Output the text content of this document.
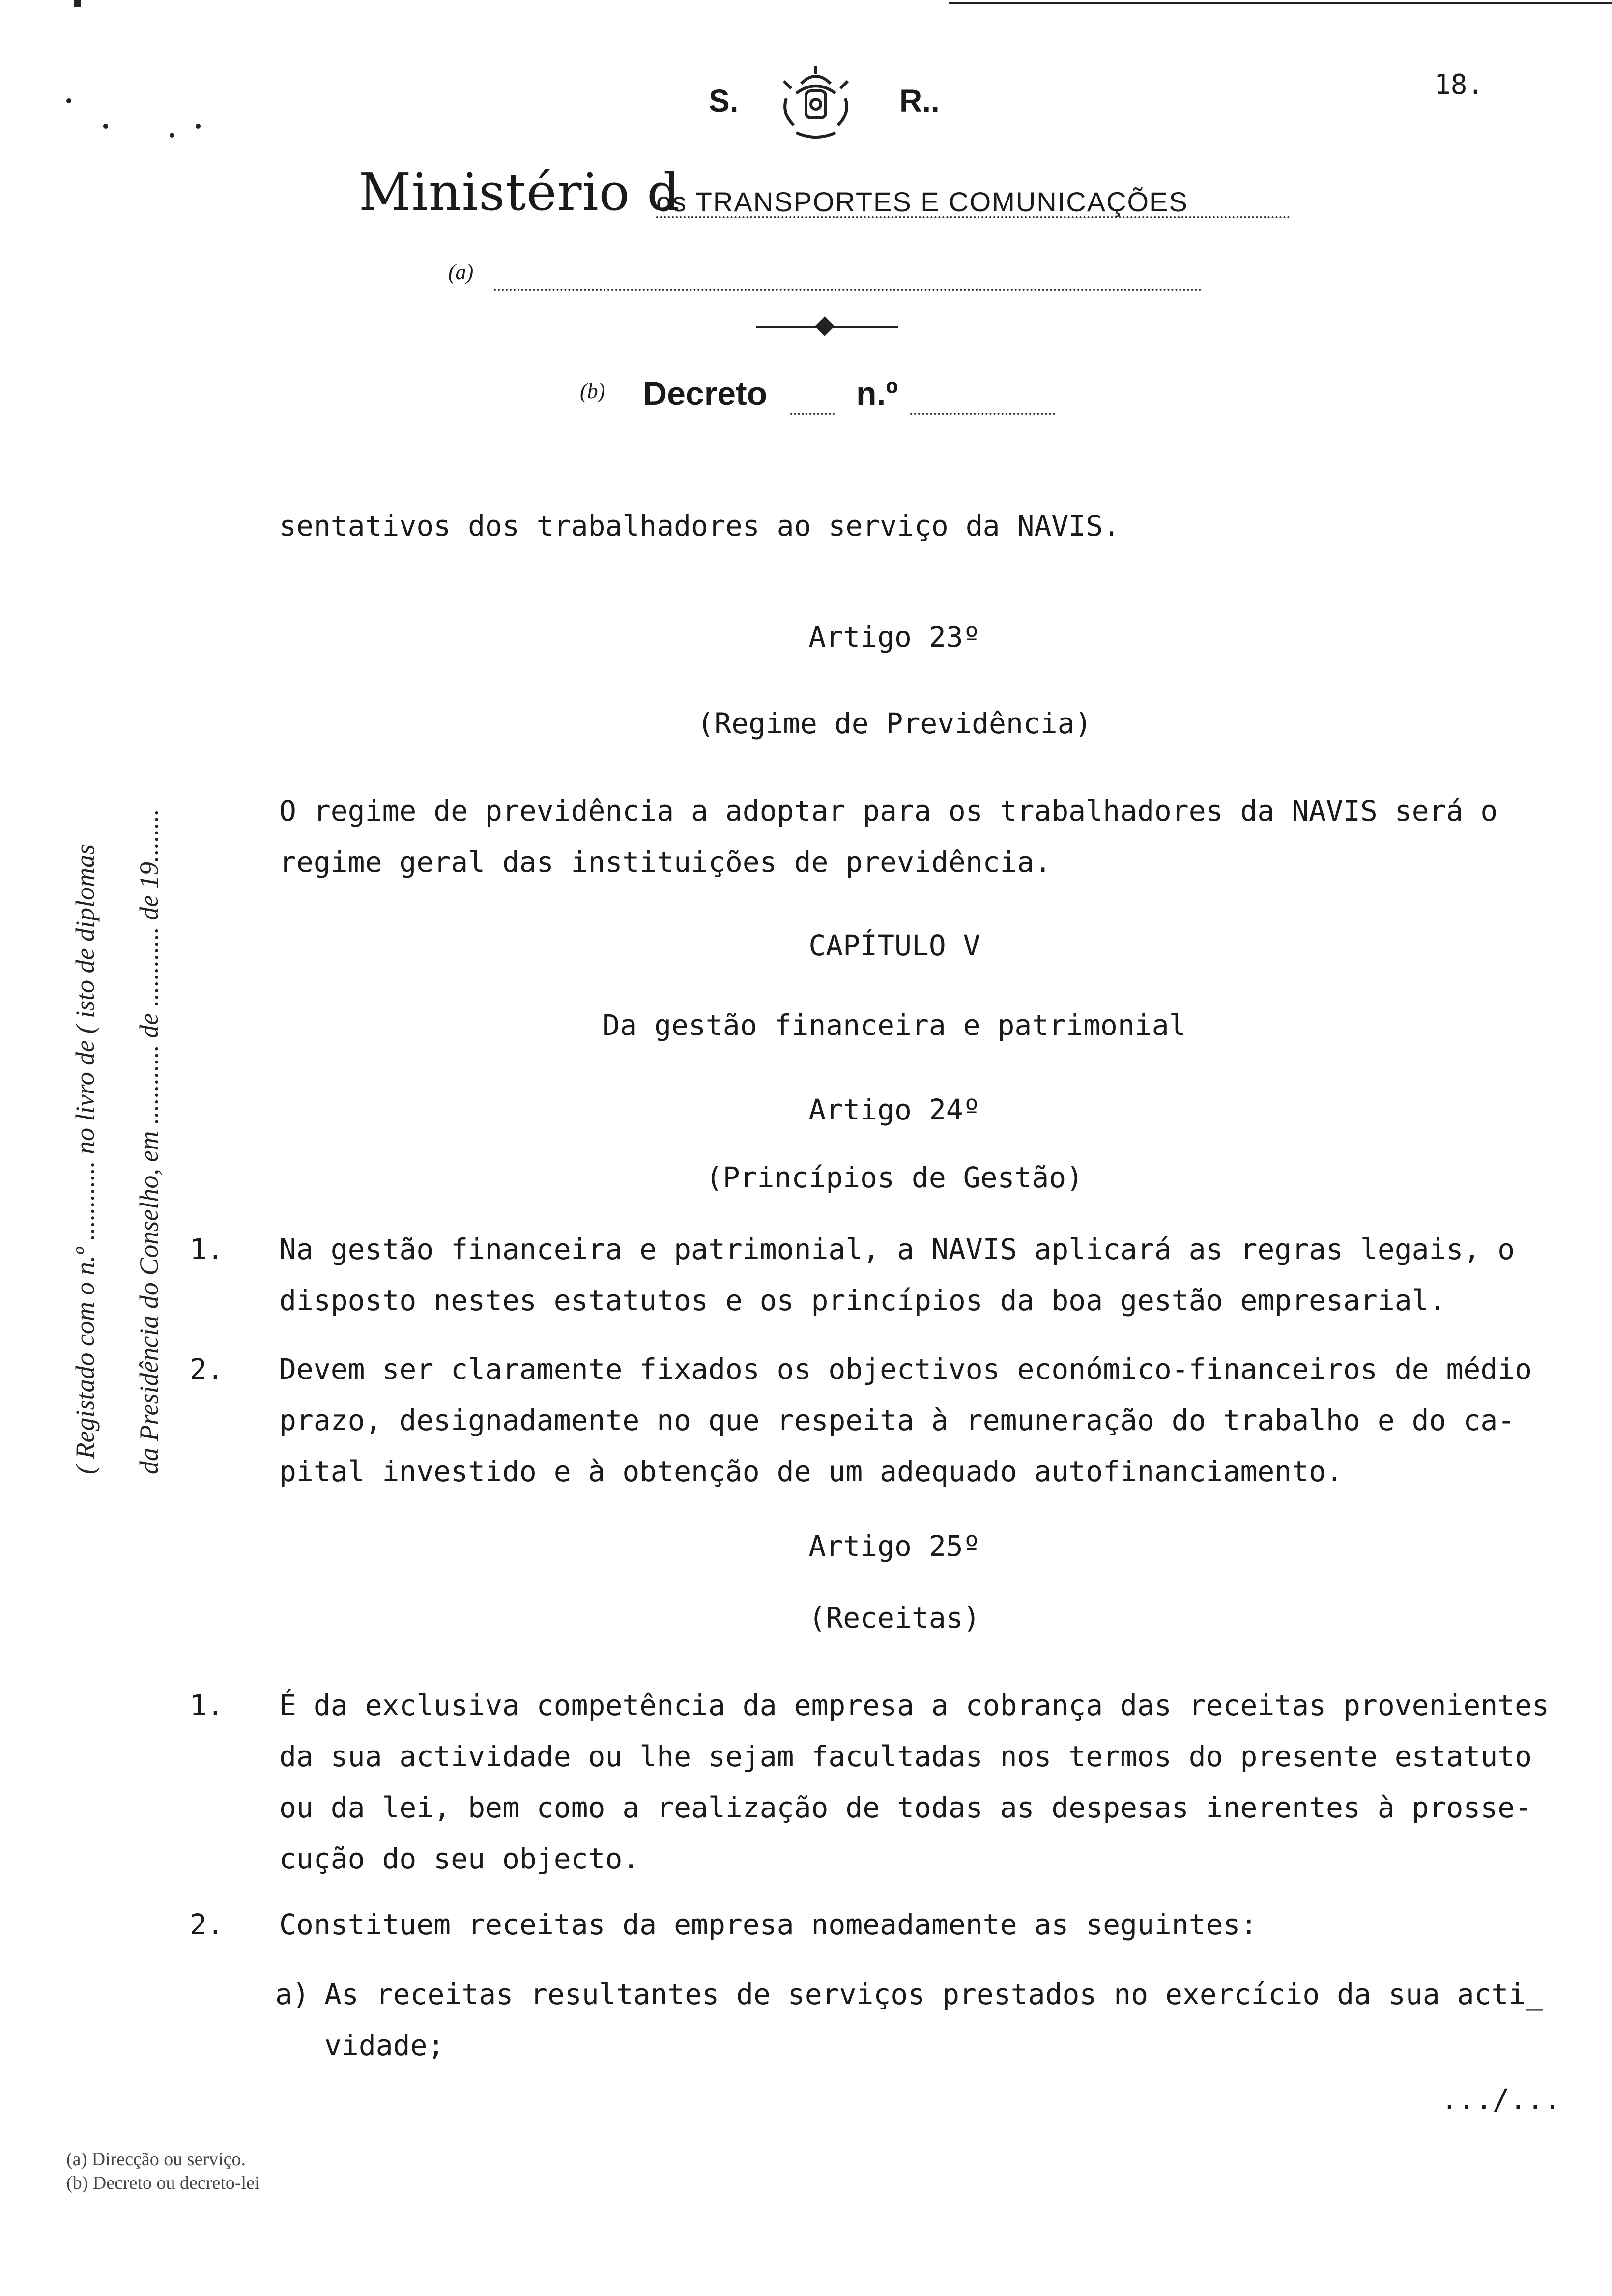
S.	R..	18.
Ministério d
os TRANSPORTES E COMUNICAÇÕES
(a)
(b) Decreto	n.º
( Registado com o n.º ............ no livro de ( isto de diplomas da Presidência do Conselho, em ............ de ............ de 19........
sentativos dos trabalhadores ao serviço da NAVIS.
Artigo 23º
(Regime de Previdência)
O regime de previdência a adoptar para os trabalhadores da NAVIS será o
regime geral das instituições de previdência.
CAPÍTULO V
Da gestão financeira e patrimonial
Artigo 24º
(Princípios de Gestão)
1. Na gestão financeira e patrimonial, a NAVIS aplicará as regras legais, o
disposto nestes estatutos e os princípios da boa gestão empresarial.
2. Devem ser claramente fixados os objectivos económico-financeiros de médio
prazo, designadamente no que respeita à remuneração do trabalho e do ca-
pital investido e à obtenção de um adequado autofinanciamento.
Artigo 25º
(Receitas)
1. É da exclusiva competência da empresa a cobrança das receitas provenientes
da sua actividade ou lhe sejam facultadas nos termos do presente estatuto
ou da lei, bem como a realização de todas as despesas inerentes à prosse-
cução do seu objecto.
2. Constituem receitas da empresa nomeadamente as seguintes:
a) As receitas resultantes de serviços prestados no exercício da sua acti_
vidade;
.../...
(a) Direcção ou serviço.
(b) Decreto ou decreto-lei
